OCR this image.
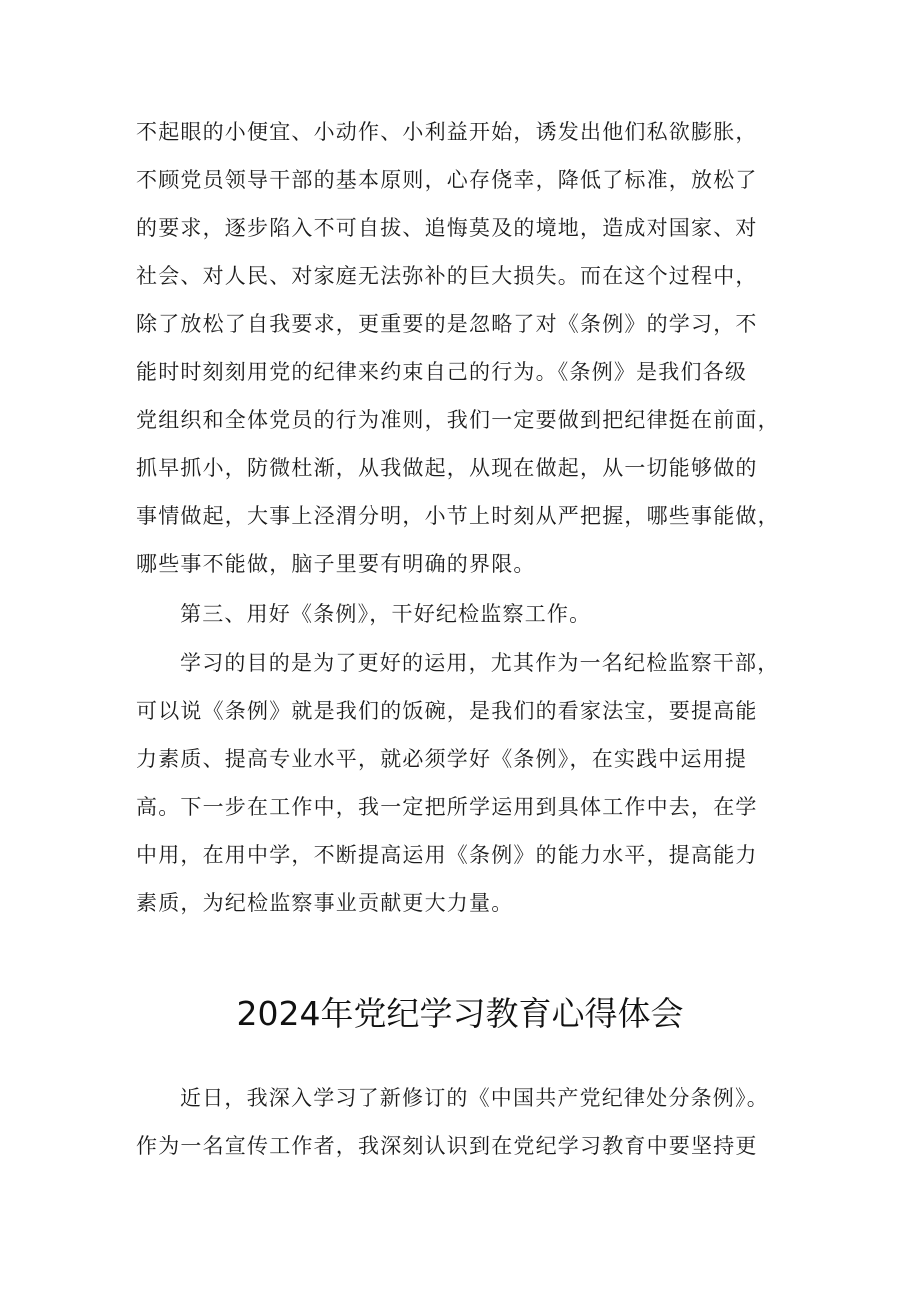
不起眼的小便宜、小动作、小利益开始，诱发出他们私欲膨胀，
不顾党员领导干部的基本原则，心存侥幸，降低了标准，放松了
的要求，逐步陷入不可自拔、追悔莫及的境地，造成对国家、对
社会、对人民、对家庭无法弥补的巨大损失。而在这个过程中，
除了放松了自我要求，更重要的是忽略了对《条例》的学习，不
能时时刻刻用党的纪律来约束自己的行为。《条例》是我们各级
党组织和全体党员的行为准则，我们一定要做到把纪律挺在前面，
抓早抓小，防微杜渐，从我做起，从现在做起，从一切能够做的
事情做起，大事上泾渭分明，小节上时刻从严把握，哪些事能做，
哪些事不能做，脑子里要有明确的界限。
第三、用好《条例》，干好纪检监察工作。
学习的目的是为了更好的运用，尤其作为一名纪检监察干部，
可以说《条例》就是我们的饭碗，是我们的看家法宝，要提高能
力素质、提高专业水平，就必须学好《条例》，在实践中运用提
高。下一步在工作中，我一定把所学运用到具体工作中去，在学
中用，在用中学，不断提高运用《条例》的能力水平，提高能力
素质，为纪检监察事业贡献更大力量。
2024年党纪学习教育心得体会
近日，我深入学习了新修订的《中国共产党纪律处分条例》。
作为一名宣传工作者，我深刻认识到在党纪学习教育中要坚持更
